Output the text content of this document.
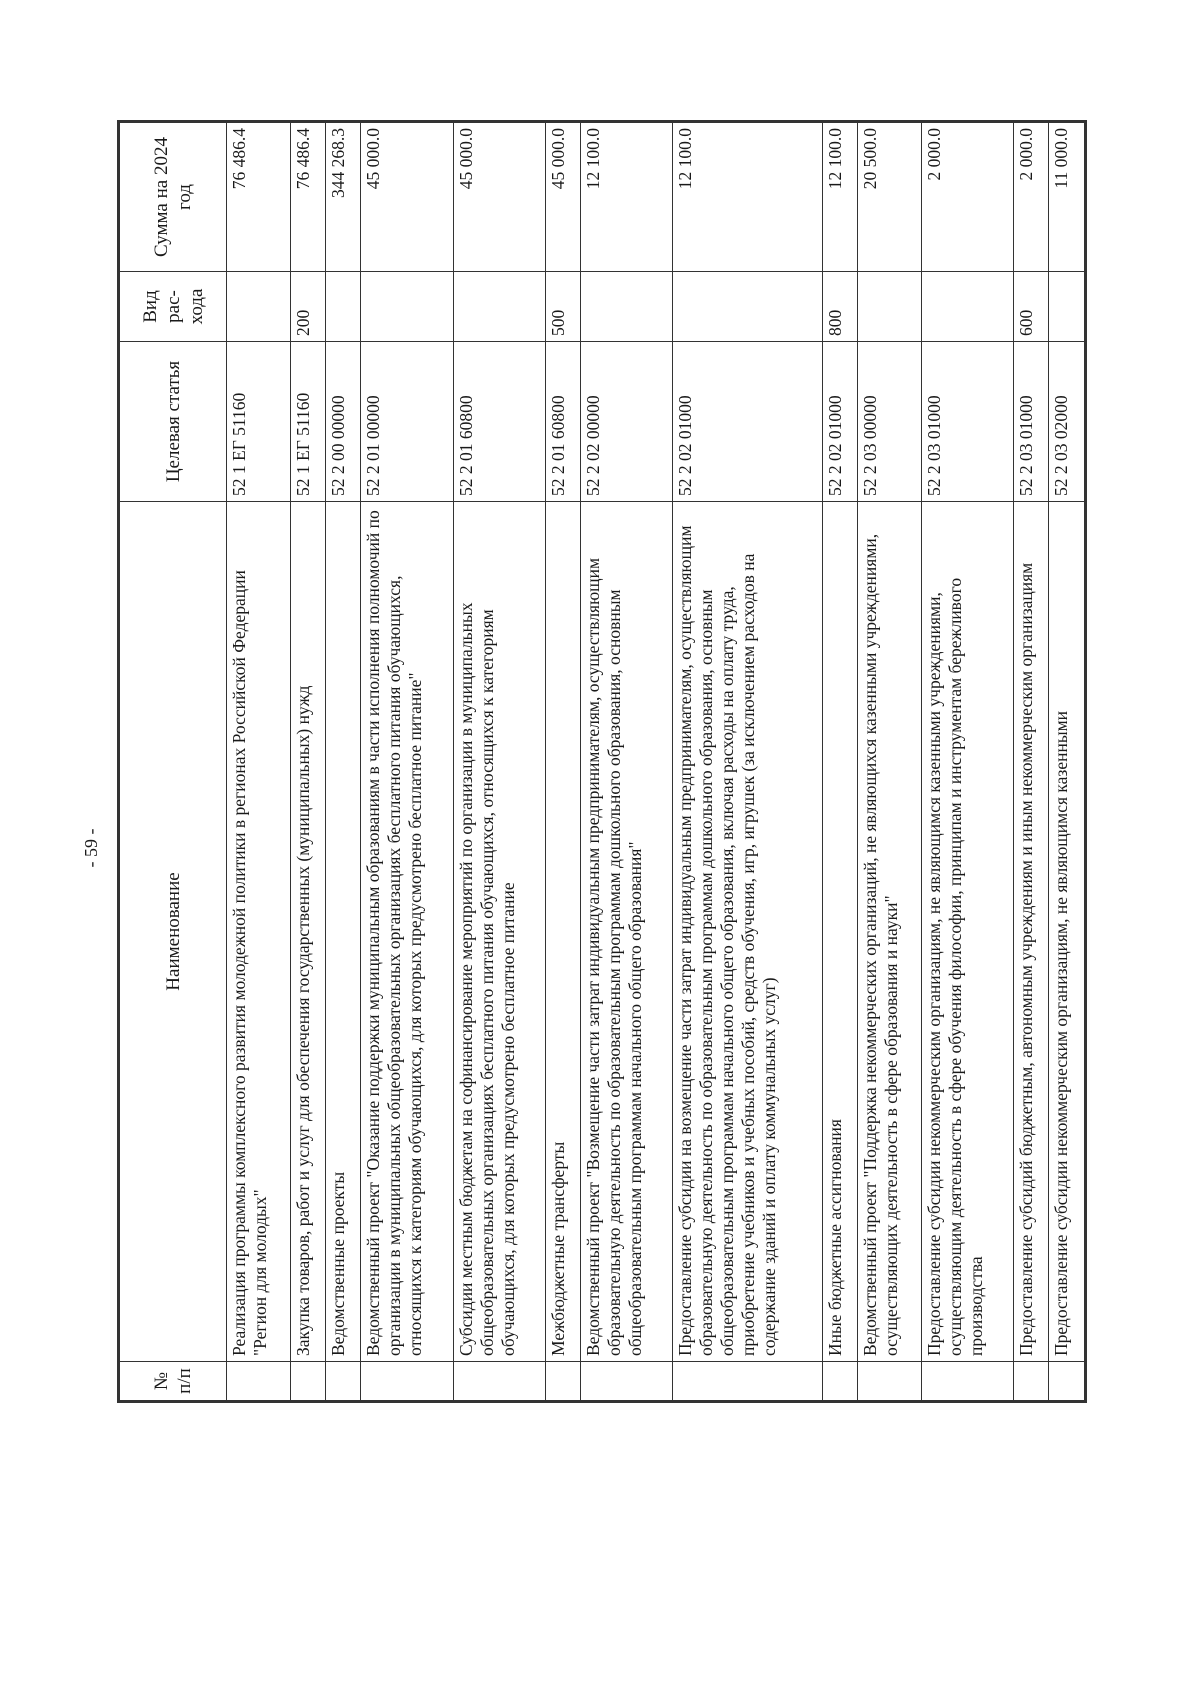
- 59 -
№ п/п	Наименование	Целевая статья	Вид рас-хода	Сумма на 2024 год
	Реализация программы комплексного развития молодежной политики в регионах Российской Федерации "Регион для молодых"	52 1 ЕГ 51160		76 486.4
	Закупка товаров, работ и услуг для обеспечения государственных (муниципальных) нужд	52 1 ЕГ 51160	200	76 486.4
	Ведомственные проекты	52 2 00 00000		344 268.3
	Ведомственный проект "Оказание поддержки муниципальным образованиям в части исполнения полномочий по организации в муниципальных общеобразовательных организациях бесплатного питания обучающихся, относящихся к категориям обучающихся, для которых предусмотрено бесплатное питание"	52 2 01 00000		45 000.0
	Субсидии местным бюджетам на софинансирование мероприятий по организации в муниципальных общеобразовательных организациях бесплатного питания обучающихся, относящихся к категориям обучающихся, для которых предусмотрено бесплатное питание	52 2 01 60800		45 000.0
	Межбюджетные трансферты	52 2 01 60800	500	45 000.0
	Ведомственный проект "Возмещение части затрат индивидуальным предпринимателям, осуществляющим образовательную деятельность по образовательным программам дошкольного образования, основным общеобразовательным программам начального общего образования"	52 2 02 00000		12 100.0
	Предоставление субсидии на возмещение части затрат индивидуальным предпринимателям, осуществляющим образовательную деятельность по образовательным программам дошкольного образования, основным общеобразовательным программам начального общего образования, включая расходы на оплату труда, приобретение учебников и учебных пособий, средств обучения, игр, игрушек (за исключением расходов на содержание зданий и оплату коммунальных услуг)	52 2 02 01000		12 100.0
	Иные бюджетные ассигнования	52 2 02 01000	800	12 100.0
	Ведомственный проект "Поддержка некоммерческих организаций, не являющихся казенными учреждениями, осуществляющих деятельность в сфере образования и науки"	52 2 03 00000		20 500.0
	Предоставление субсидии некоммерческим организациям, не являющимся казенными учреждениями, осуществляющим деятельность в сфере обучения философии, принципам и инструментам бережливого производства	52 2 03 01000		2 000.0
	Предоставление субсидий бюджетным, автономным учреждениям и иным некоммерческим организациям	52 2 03 01000	600	2 000.0
	Предоставление субсидии некоммерческим организациям, не являющимся казенными	52 2 03 02000		11 000.0
